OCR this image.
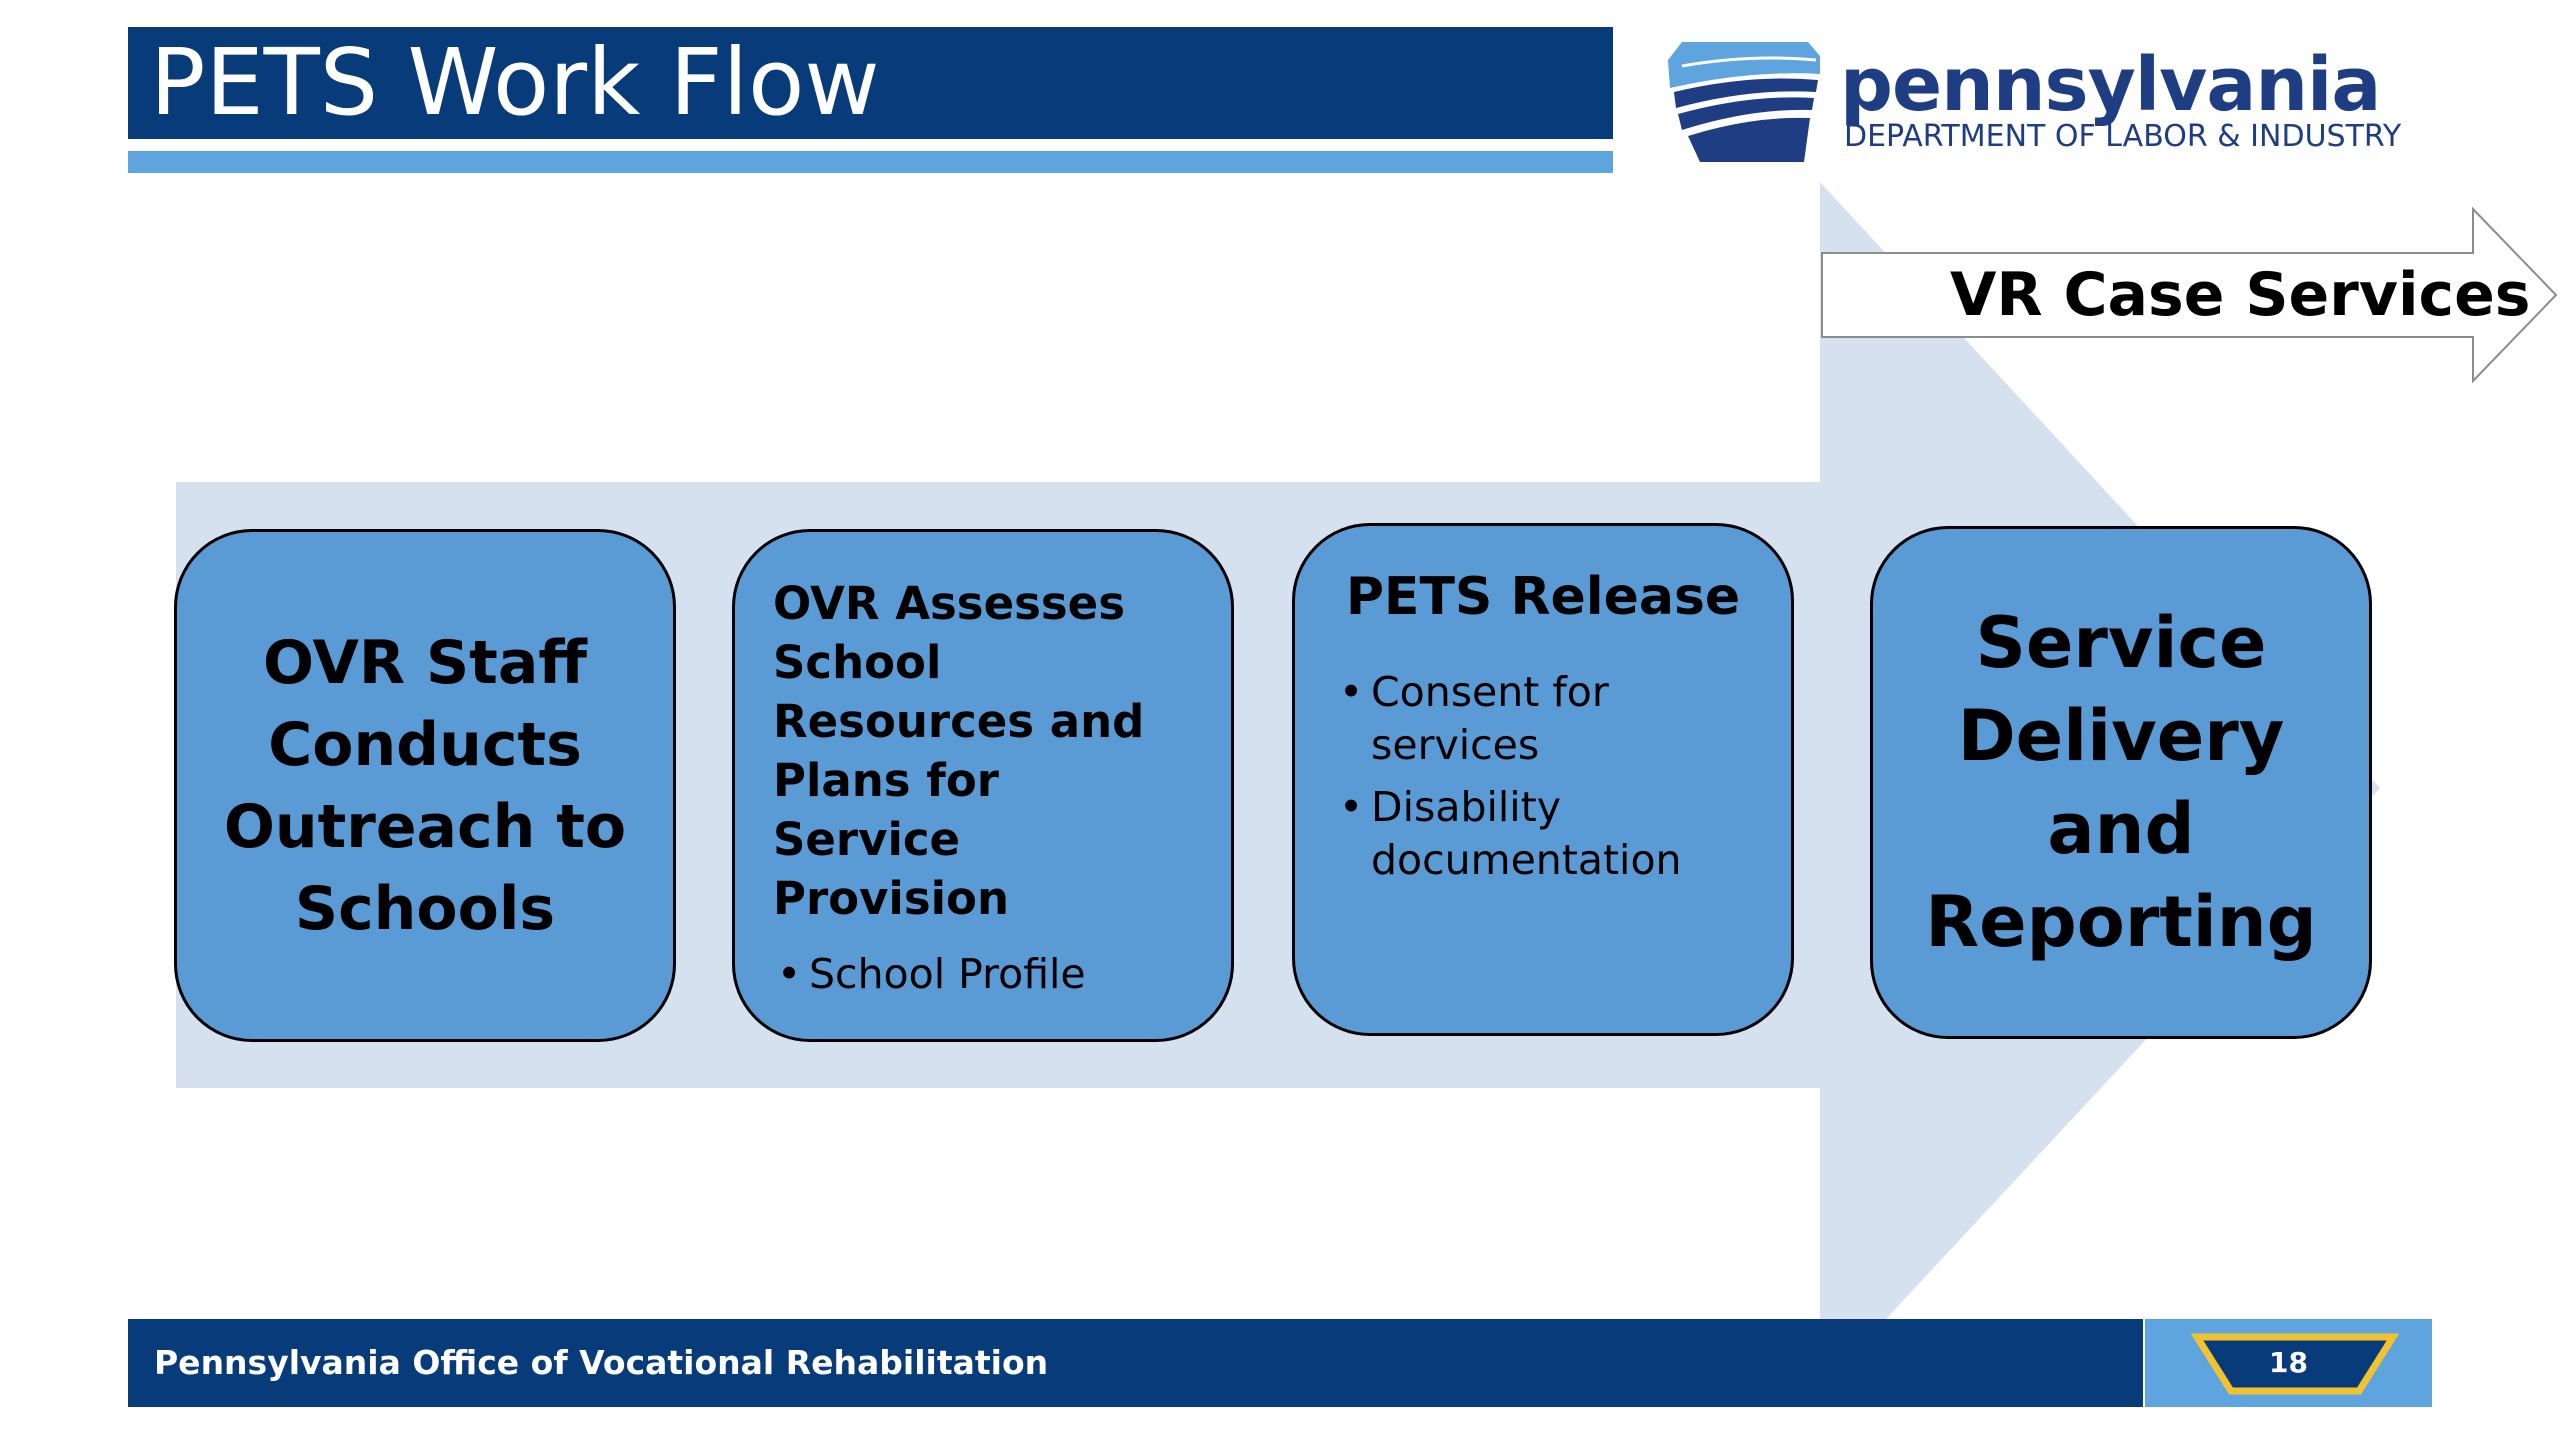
PETS Work Flow	pennsylvania
DEPARTMENT OF LABOR & INDUSTRY
VR Case Services
OVR Staff Conducts Outreach to Schools
OVR Assesses School Resources and Plans for Service Provision
• School Profile
PETS Release
• Consent for services
• Disability documentation
Service Delivery and Reporting
Pennsylvania Office of Vocational Rehabilitation	18
